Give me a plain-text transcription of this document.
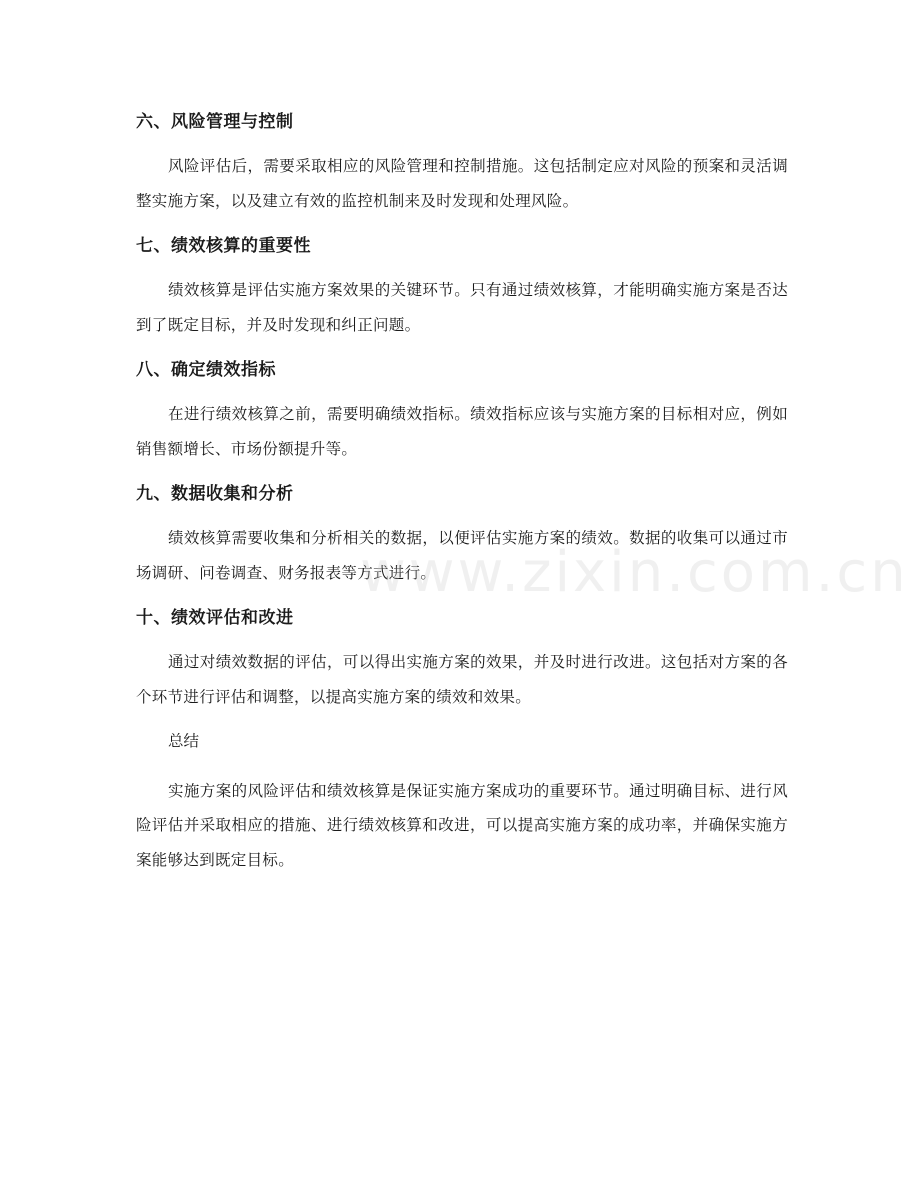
六、风险管理与控制

风险评估后，需要采取相应的风险管理和控制措施。这包括制定应对风险的预案和灵活调整实施方案，以及建立有效的监控机制来及时发现和处理风险。

七、绩效核算的重要性

绩效核算是评估实施方案效果的关键环节。只有通过绩效核算，才能明确实施方案是否达到了既定目标，并及时发现和纠正问题。

八、确定绩效指标

在进行绩效核算之前，需要明确绩效指标。绩效指标应该与实施方案的目标相对应，例如销售额增长、市场份额提升等。

九、数据收集和分析

绩效核算需要收集和分析相关的数据，以便评估实施方案的绩效。数据的收集可以通过市场调研、问卷调查、财务报表等方式进行。

十、绩效评估和改进

通过对绩效数据的评估，可以得出实施方案的效果，并及时进行改进。这包括对方案的各个环节进行评估和调整，以提高实施方案的绩效和效果。

总结

实施方案的风险评估和绩效核算是保证实施方案成功的重要环节。通过明确目标、进行风险评估并采取相应的措施、进行绩效核算和改进，可以提高实施方案的成功率，并确保实施方案能够达到既定目标。

www.zixin.com.cn
